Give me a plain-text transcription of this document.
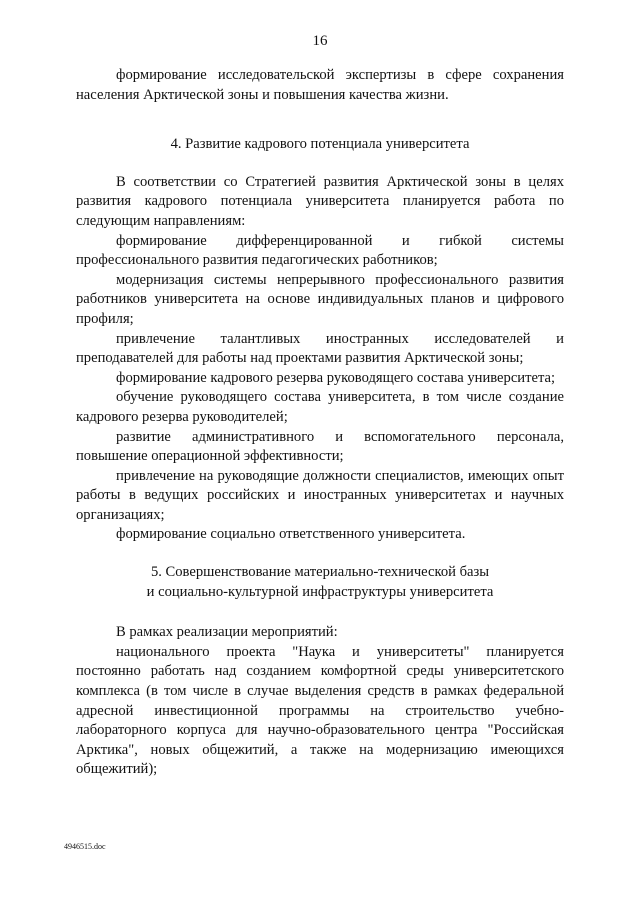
16

формирование исследовательской экспертизы в сфере сохранения населения Арктической зоны и повышения качества жизни.

4. Развитие кадрового потенциала университета

В соответствии со Стратегией развития Арктической зоны в целях развития кадрового потенциала университета планируется работа по следующим направлениям:

формирование дифференцированной и гибкой системы профессионального развития педагогических работников;

модернизация системы непрерывного профессионального развития работников университета на основе индивидуальных планов и цифрового профиля;

привлечение талантливых иностранных исследователей и преподавателей для работы над проектами развития Арктической зоны;

формирование кадрового резерва руководящего состава университета;

обучение руководящего состава университета, в том числе создание кадрового резерва руководителей;

развитие административного и вспомогательного персонала, повышение операционной эффективности;

привлечение на руководящие должности специалистов, имеющих опыт работы в ведущих российских и иностранных университетах и научных организациях;

формирование социально ответственного университета.

5. Совершенствование материально-технической базы

и социально-культурной инфраструктуры университета

В рамках реализации мероприятий:

национального проекта "Наука и университеты" планируется постоянно работать над созданием комфортной среды университетского комплекса (в том числе в случае выделения средств в рамках федеральной адресной инвестиционной программы на строительство учебно-лабораторного корпуса для научно-образовательного центра "Российская Арктика", новых общежитий, а также на модернизацию имеющихся общежитий);

4946515.doc
